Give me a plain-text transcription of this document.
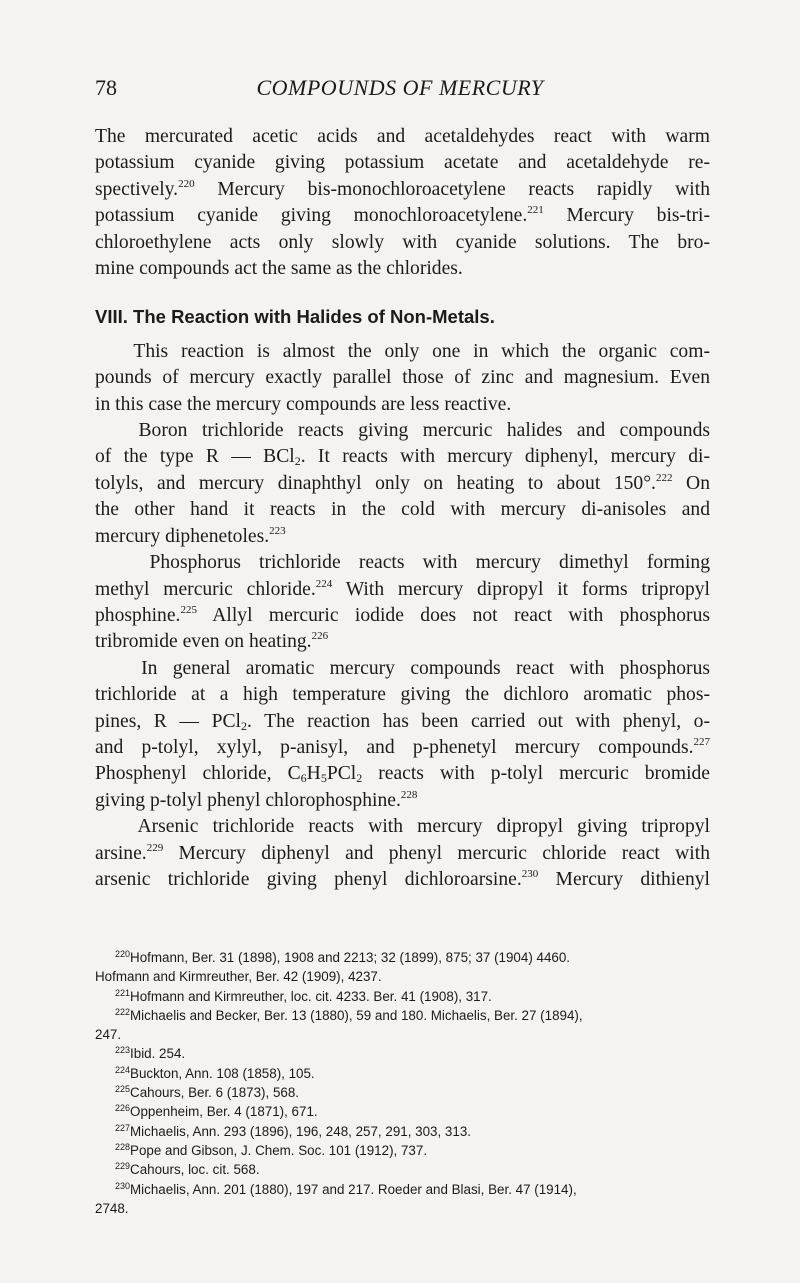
78	COMPOUNDS OF MERCURY

The mercurated acetic acids and acetaldehydes react with warm
potassium cyanide giving potassium acetate and acetaldehyde re-
spectively.$^{220}$ Mercury bis-monochloroacetylene reacts rapidly with
potassium cyanide giving monochloroacetylene.$^{221}$ Mercury bis-tri-
chloroethylene acts only slowly with cyanide solutions. The bro-
mine compounds act the same as the chlorides.

VIII. The Reaction with Halides of Non-Metals.

This reaction is almost the only one in which the organic com-
pounds of mercury exactly parallel those of zinc and magnesium. Even
in this case the mercury compounds are less reactive.

Boron trichloride reacts giving mercuric halides and compounds
of the type R — BCl$_2$. It reacts with mercury diphenyl, mercury di-
tolyls, and mercury dinaphthyl only on heating to about 150°.$^{222}$ On
the other hand it reacts in the cold with mercury di-anisoles and
mercury diphenetoles.$^{223}$

Phosphorus trichloride reacts with mercury dimethyl forming
methyl mercuric chloride.$^{224}$ With mercury dipropyl it forms tripropyl
phosphine.$^{225}$ Allyl mercuric iodide does not react with phosphorus
tribromide even on heating.$^{226}$

In general aromatic mercury compounds react with phosphorus
trichloride at a high temperature giving the dichloro aromatic phos-
pines, R — PCl$_2$. The reaction has been carried out with phenyl, o-
and p-tolyl, xylyl, p-anisyl, and p-phenetyl mercury compounds.$^{227}$
Phosphenyl chloride, $C_6H_5PCl_2$ reacts with p-tolyl mercuric bromide
giving p-tolyl phenyl chlorophosphine.$^{228}$

Arsenic trichloride reacts with mercury dipropyl giving tripropyl
arsine.$^{229}$ Mercury diphenyl and phenyl mercuric chloride react with
arsenic trichloride giving phenyl dichloroarsine.$^{230}$ Mercury dithienyl

$^{220}$Hofmann, Ber. 31 (1898), 1908 and 2213; 32 (1899), 875; 37 (1904) 4460.
Hofmann and Kirmreuther, Ber. 42 (1909), 4237.
$^{221}$Hofmann and Kirmreuther, loc. cit. 4233. Ber. 41 (1908), 317.
$^{222}$Michaelis and Becker, Ber. 13 (1880), 59 and 180. Michaelis, Ber. 27 (1894),
247.
$^{223}$Ibid. 254.
$^{224}$Buckton, Ann. 108 (1858), 105.
$^{225}$Cahours, Ber. 6 (1873), 568.
$^{226}$Oppenheim, Ber. 4 (1871), 671.
$^{227}$Michaelis, Ann. 293 (1896), 196, 248, 257, 291, 303, 313.
$^{228}$Pope and Gibson, J. Chem. Soc. 101 (1912), 737.
$^{229}$Cahours, loc. cit. 568.
$^{230}$Michaelis, Ann. 201 (1880), 197 and 217. Roeder and Blasi, Ber. 47 (1914),
2748.
